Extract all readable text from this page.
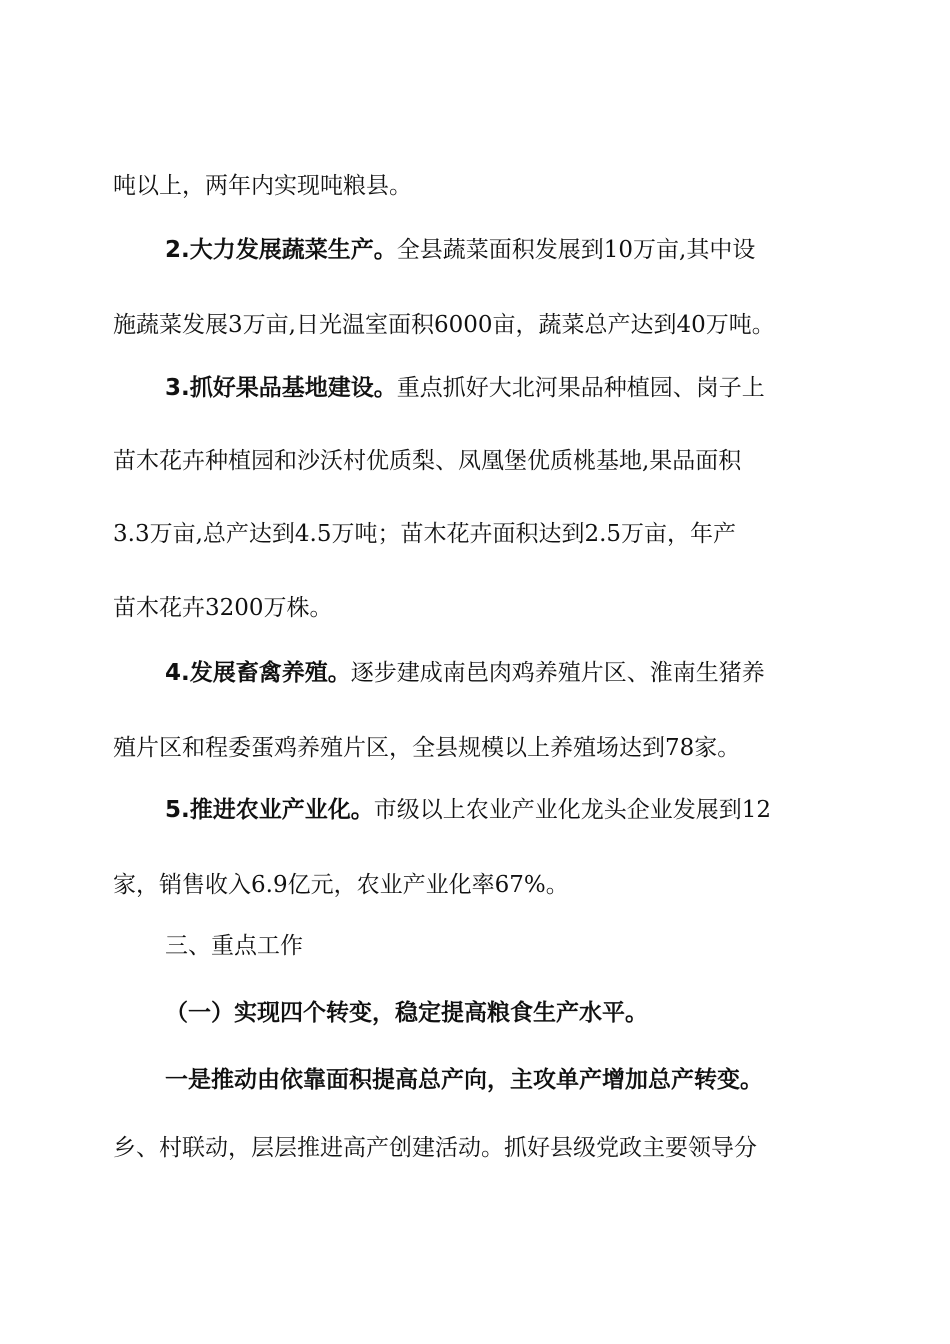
吨以上，两年内实现吨粮县。
2.大力发展蔬菜生产。全县蔬菜面积发展到10万亩,其中设
施蔬菜发展3万亩,日光温室面积6000亩，蔬菜总产达到40万吨。
3.抓好果品基地建设。重点抓好大北河果品种植园、岗子上
苗木花卉种植园和沙沃村优质梨、凤凰堡优质桃基地,果品面积
3.3万亩,总产达到4.5万吨；苗木花卉面积达到2.5万亩，年产
苗木花卉3200万株。
4.发展畜禽养殖。逐步建成南邑肉鸡养殖片区、淮南生猪养
殖片区和程委蛋鸡养殖片区，全县规模以上养殖场达到78家。
5.推进农业产业化。市级以上农业产业化龙头企业发展到12
家，销售收入6.9亿元，农业产业化率67%。
三、重点工作
（一）实现四个转变，稳定提高粮食生产水平。
一是推动由依靠面积提高总产向，主攻单产增加总产转变。
乡、村联动，层层推进高产创建活动。抓好县级党政主要领导分
